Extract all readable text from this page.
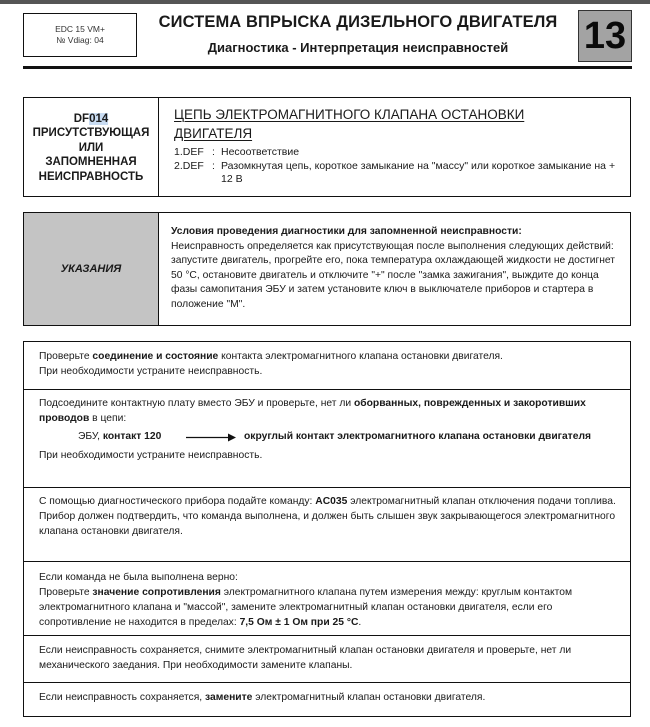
EDC 15 VM+
№ Vdiag: 04
СИСТЕМА ВПРЫСКА ДИЗЕЛЬНОГО ДВИГАТЕЛЯ
Диагностика - Интерпретация неисправностей	13
DF014
ПРИСУТСТВУЮЩАЯ
ИЛИ
ЗАПОМНЕННАЯ
НЕИСПРАВНОСТЬ
ЦЕПЬ ЭЛЕКТРОМАГНИТНОГО КЛАПАНА ОСТАНОВКИ ДВИГАТЕЛЯ
1.DEF : Несоответствие
2.DEF : Разомкнутая цепь, короткое замыкание на "массу" или короткое замыкание на + 12 В
УКАЗАНИЯ
Условия проведения диагностики для запомненной неисправности:
Неисправность определяется как присутствующая после выполнения следующих действий: запустите двигатель, прогрейте его, пока температура охлаждающей жидкости не достигнет 50 °С, остановите двигатель и отключите "+" после "замка зажигания", выждите до конца фазы самопитания ЭБУ и затем установите ключ в выключателе приборов и стартера в положение "М".
Проверьте соединение и состояние контакта электромагнитного клапана остановки двигателя.
При необходимости устраните неисправность.
Подсоедините контактную плату вместо ЭБУ и проверьте, нет ли оборванных, поврежденных и закоротивших проводов в цепи:
ЭБУ, контакт 120	округлый контакт электромагнитного клапана остановки двигателя
При необходимости устраните неисправность.
С помощью диагностического прибора подайте команду: AC035 электромагнитный клапан отключения подачи топлива.
Прибор должен подтвердить, что команда выполнена, и должен быть слышен звук закрывающегося электромагнитного клапана остановки двигателя.
Если команда не была выполнена верно:
Проверьте значение сопротивления электромагнитного клапана путем измерения между: круглым контактом электромагнитного клапана и "массой", замените электромагнитный клапан остановки двигателя, если его сопротивление не находится в пределах: 7,5 Ом ± 1 Ом при 25 °С.
Если неисправность сохраняется, снимите электромагнитный клапан остановки двигателя и проверьте, нет ли механического заедания. При необходимости замените клапаны.
Если неисправность сохраняется, замените электромагнитный клапан остановки двигателя.
